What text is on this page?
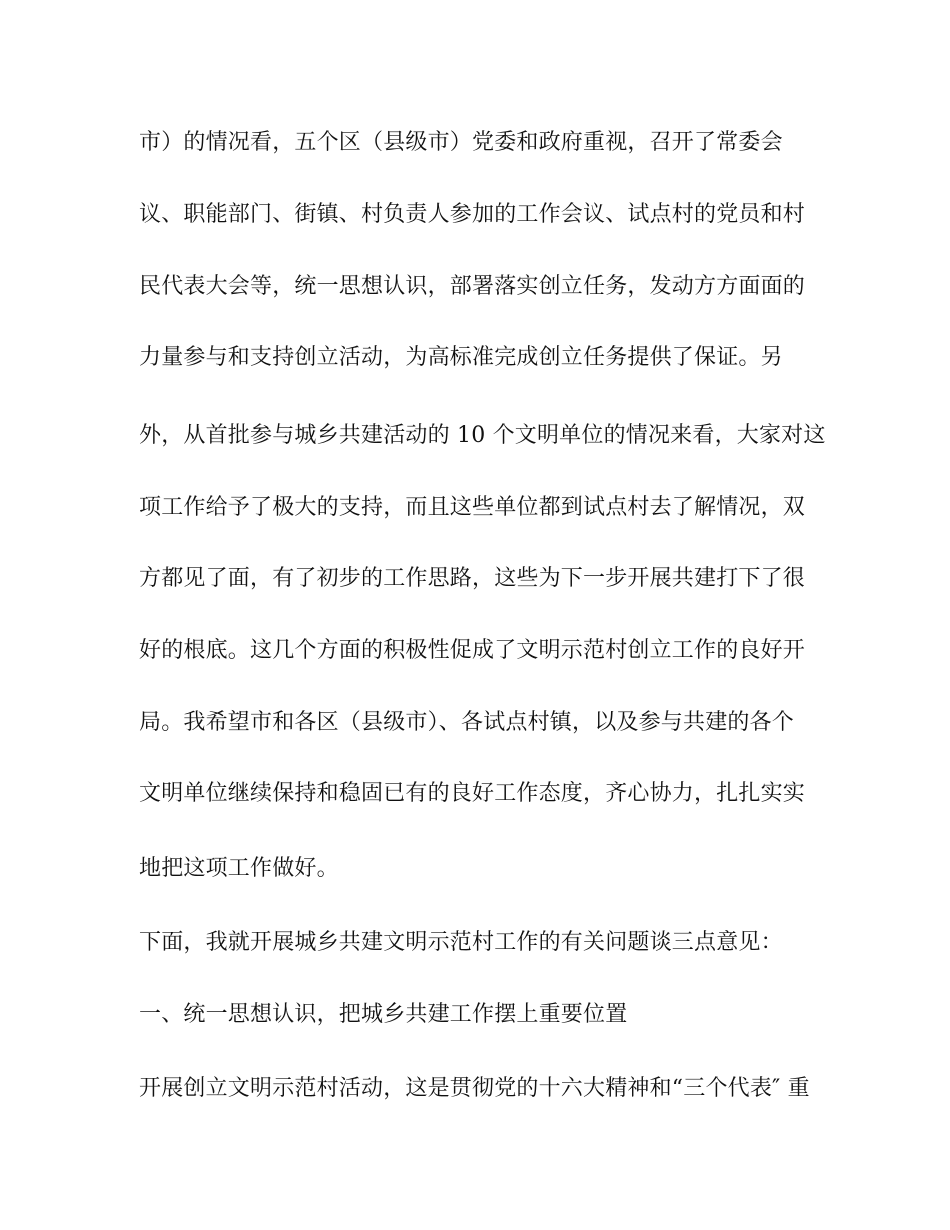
市）的情况看，五个区（县级市）党委和政府重视，召开了常委会
议、职能部门、街镇、村负责人参加的工作会议、试点村的党员和村
民代表大会等，统一思想认识，部署落实创立任务，发动方方面面的
力量参与和支持创立活动，为高标准完成创立任务提供了保证。另
外，从首批参与城乡共建活动的 10 个文明单位的情况来看，大家对这
项工作给予了极大的支持，而且这些单位都到试点村去了解情况，双
方都见了面，有了初步的工作思路，这些为下一步开展共建打下了很
好的根底。这几个方面的积极性促成了文明示范村创立工作的良好开
局。我希望市和各区（县级市）、各试点村镇，以及参与共建的各个
文明单位继续保持和稳固已有的良好工作态度，齐心协力，扎扎实实
地把这项工作做好。
下面，我就开展城乡共建文明示范村工作的有关问题谈三点意见：
一、统一思想认识，把城乡共建工作摆上重要位置
开展创立文明示范村活动，这是贯彻党的十六大精神和“三个代表″ 重
